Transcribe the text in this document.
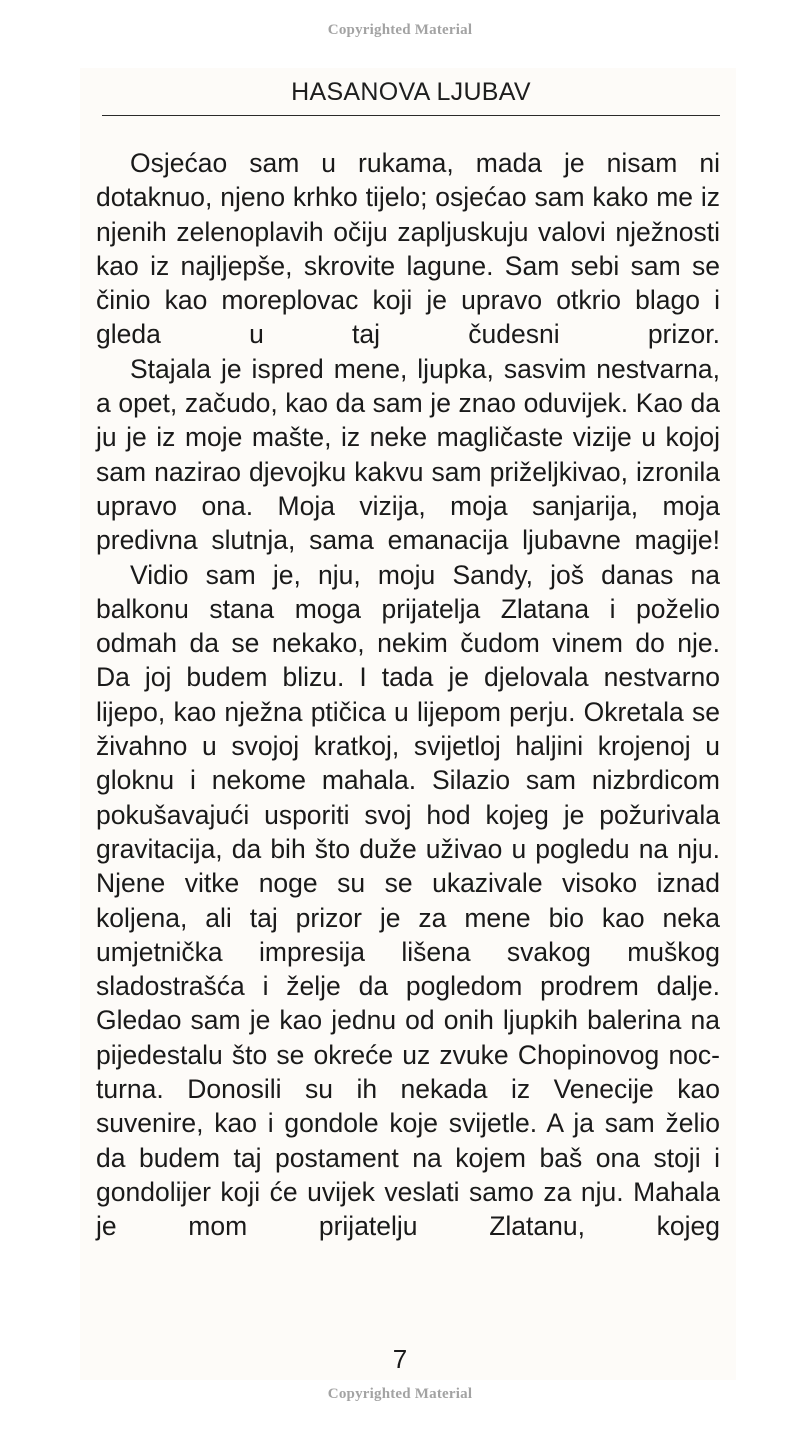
Copyrighted Material
HASANOVA LJUBAV

Osjećao sam u rukama, mada je nisam ni dotaknuo, njeno krhko tijelo; osjećao sam kako me iz njenih zelenoplavih očiju zapljuskuju valovi nježnosti kao iz najljepše, skrovite lagune. Sam sebi sam se činio kao moreplovac koji je upravo otkrio blago i gleda u taj čudesni prizor.

Stajala je ispred mene, ljupka, sasvim nestvarna, a opet, začudo, kao da sam je znao oduvijek. Kao da ju je iz moje mašte, iz neke magličaste vizije u kojoj sam nazirao djevojku kakvu sam priželjkivao, izronila upravo ona. Moja vizija, moja sanjarija, moja predivna slutnja, sama emanacija ljubavne magije!

Vidio sam je, nju, moju Sandy, još danas na balkonu stana moga prijatelja Zlatana i poželio odmah da se nekako, nekim čudom vinem do nje. Da joj budem blizu. I tada je djelovala nestvarno lijepo, kao nježna ptičica u lijepom perju. Okretala se živahno u svojoj kratkoj, svijetloj haljini krojenoj u gloknu i nekome mahala. Silazio sam nizbrdicom pokušavajući usporiti svoj hod kojeg je požurivala gravitacija, da bih što duže uživao u pogledu na nju. Njene vitke noge su se ukazivale visoko iznad koljena, ali taj prizor je za mene bio kao neka umjetnička impresija lišena svakog muškog sladostrašća i želje da pogledom prodrem dalje. Gledao sam je kao jednu od onih ljupkih balerina na pijedestalu što se okreće uz zvuke Chopinovog nocturna. Donosili su ih nekada iz Venecije kao suvenire, kao i gondole koje svijetle. A ja sam želio da budem taj postament na kojem baš ona stoji i gondolijer koji će uvijek veslati samo za nju. Mahala je mom prijatelju Zlatanu, kojeg

7
Copyrighted Material
